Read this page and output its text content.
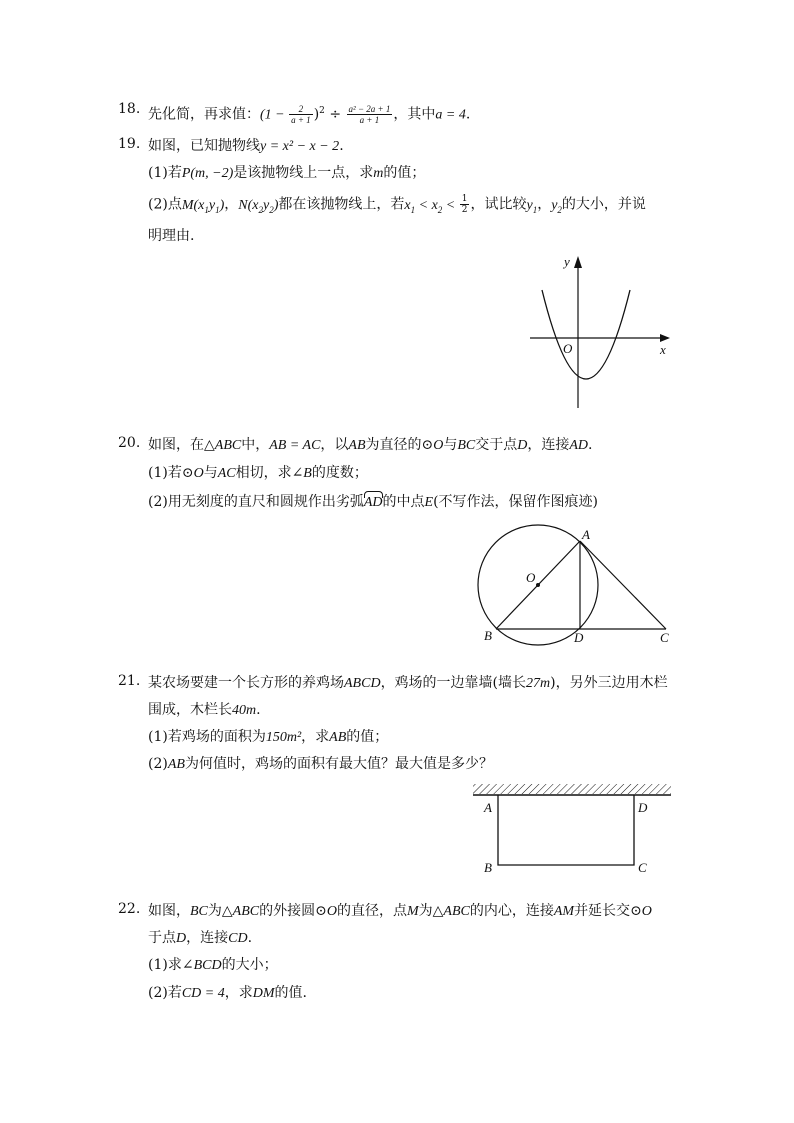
18. 先化简，再求值：$(1 - \frac{2}{a + 1} )^2 \div \frac{\text{a² − 2a + 1}}{a + 1}$ ，其中a = 4.
19. 如图，已知抛物线y = x² − x − 2.
(1)若P(m, −2)是该抛物线上一点，求m的值；
(2)点$M(x_1y_1)$，$N(x_2y_2)$都在该抛物线上，若$x_1 < x_2 < \frac{1}{2}$ ，试比较$y_1$，$y_2$的大小，并说
明理由.
y
x
O
20. 如图，在△ABC中，AB = AC，以AB为直径的⊙O与BC交于点D，连接AD.
(1)若⊙O与AC相切，求∠B的度数；
(2)用无刻度的直尺和圆规作出劣弧AD的中点E(不写作法，保留作图痕迹)
A
B	C
D
O
21. 某农场要建一个长方形的养鸡场ABCD，鸡场的一边靠墙(墙长27m)，另外三边用木栏
围成，木栏长40m.
(1)若鸡场的面积为150m²，求AB的值；
(2)AB为何值时，鸡场的面积有最大值？最大值是多少？
A
B	C
D
22. 如图，BC为△ABC的外接圆⊙O的直径，点M为△ABC的内心，连接AM并延长交⊙O
于点D，连接CD.
(1)求∠BCD的大小；
(2)若CD = 4，求DM的值.
